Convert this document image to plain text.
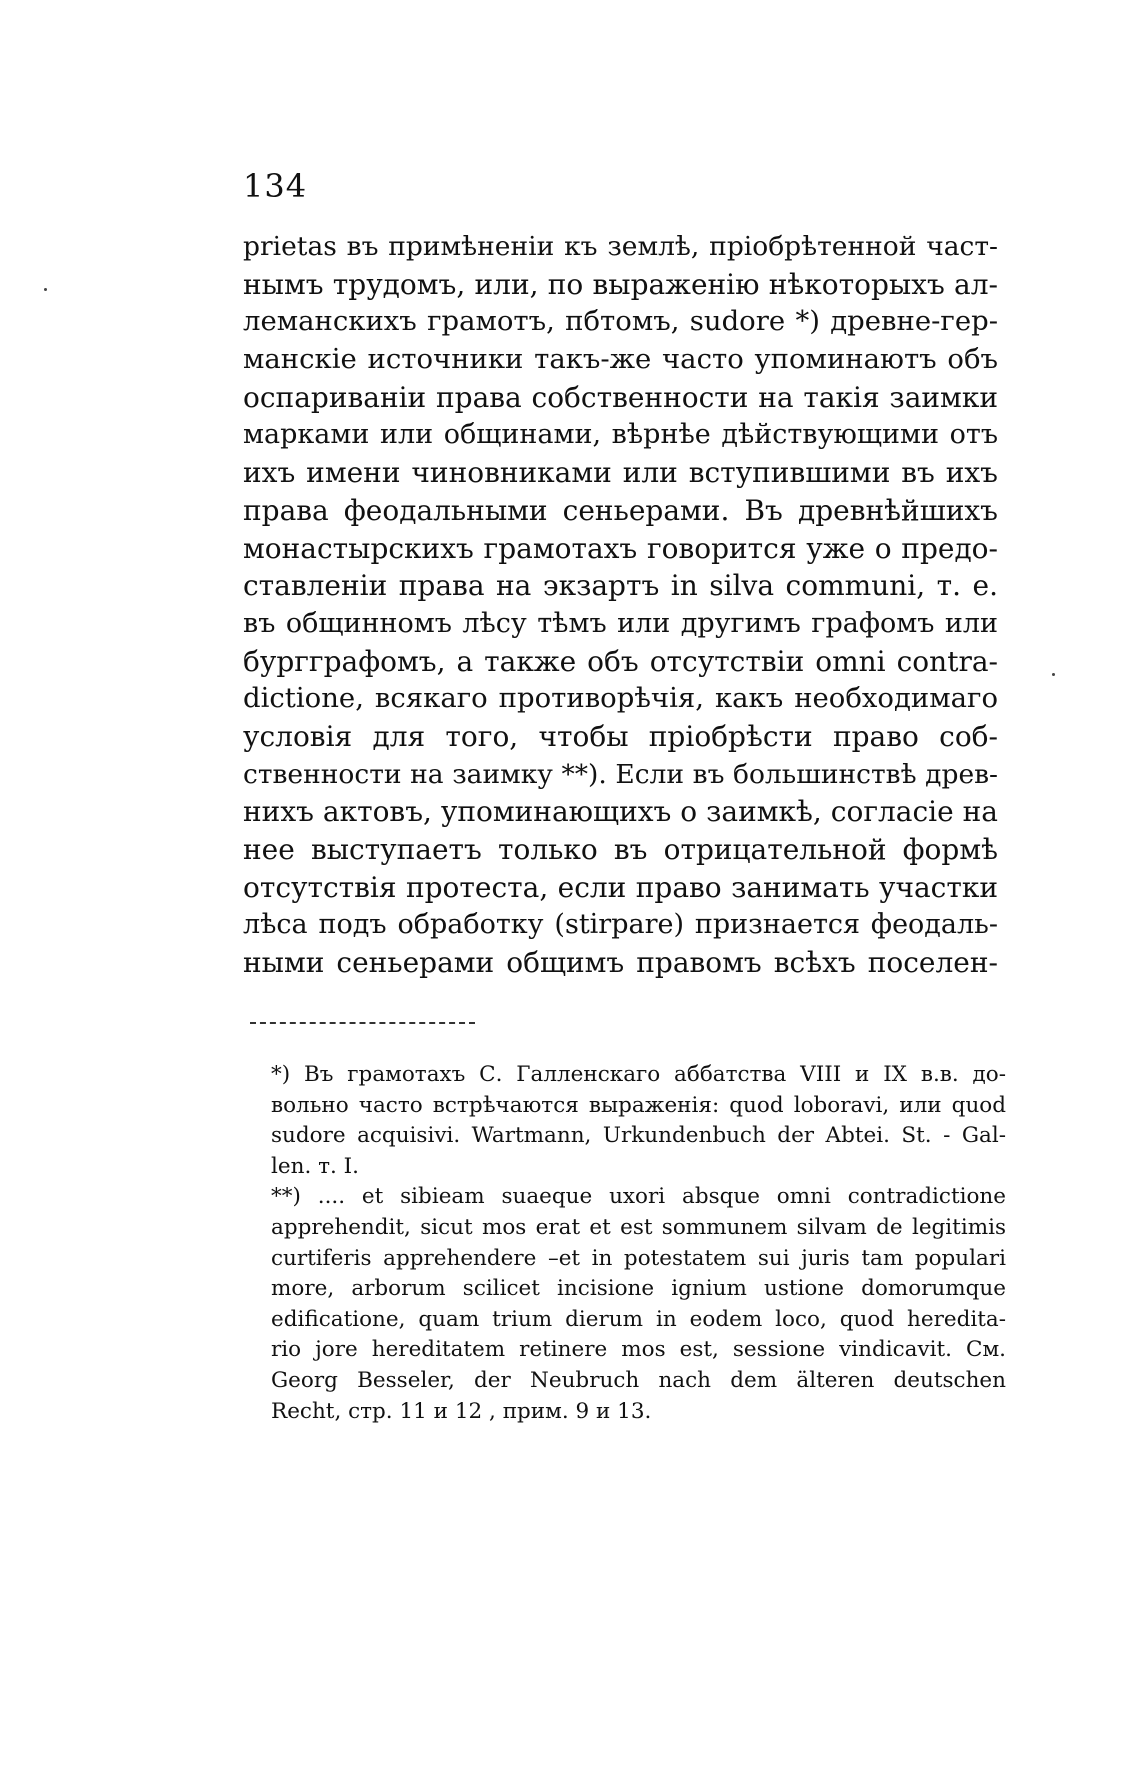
134
prietas въ примѣненіи къ землѣ, пріобрѣтенной част-
нымъ трудомъ, или, по выраженію нѣкоторыхъ ал-
леманскихъ грамотъ, пбтомъ, sudore *) древне-гер-
манскіе источники такъ-же часто упоминаютъ объ
оспариваніи права собственности на такія заимки
марками или общинами, вѣрнѣе дѣйствующими отъ
ихъ имени чиновниками или вступившими въ ихъ
права феодальными сеньерами. Въ древнѣйшихъ
монастырскихъ грамотахъ говорится уже о предо-
ставленіи права на экзартъ in silva communi, т. е.
въ общинномъ лѣсу тѣмъ или другимъ графомъ или
бургграфомъ, а также объ отсутствіи omni contra-
dictione, всякаго противорѣчія, какъ необходимаго
условія для того, чтобы пріобрѣсти право соб-
ственности на заимку **). Если въ большинствѣ древ-
нихъ актовъ, упоминающихъ о заимкѣ, согласіе на
нее выступаетъ только въ отрицательной формѣ
отсутствія протеста, если право занимать участки
лѣса подъ обработку (stirpare) признается феодаль-
ными сеньерами общимъ правомъ всѣхъ поселен-
*) Въ грамотахъ С. Галленскаго аббатства VIII и IX в.в. до-
вольно часто встрѣчаются выраженія: quod loboravi, или quod
sudore acquisivi. Wartmann, Urkundenbuch der Abtei. St. - Gal-
len. т. I.
**) .... et sibieam suaeque uxori absque omni contradictione
apprehendit, sicut mos erat et est sommunem silvam de legitimis
curtiferis apprehendere –et in potestatem sui juris tam populari
more, arborum scilicet incisione ignium ustione domorumque
edificatione, quam trium dierum in eodem loco, quod heredita-
rio jore hereditatem retinere mos est, sessione vindicavit. См.
Georg Besseler, der Neubruch nach dem älteren deutschen
Recht, стр. 11 и 12 , прим. 9 и 13.
